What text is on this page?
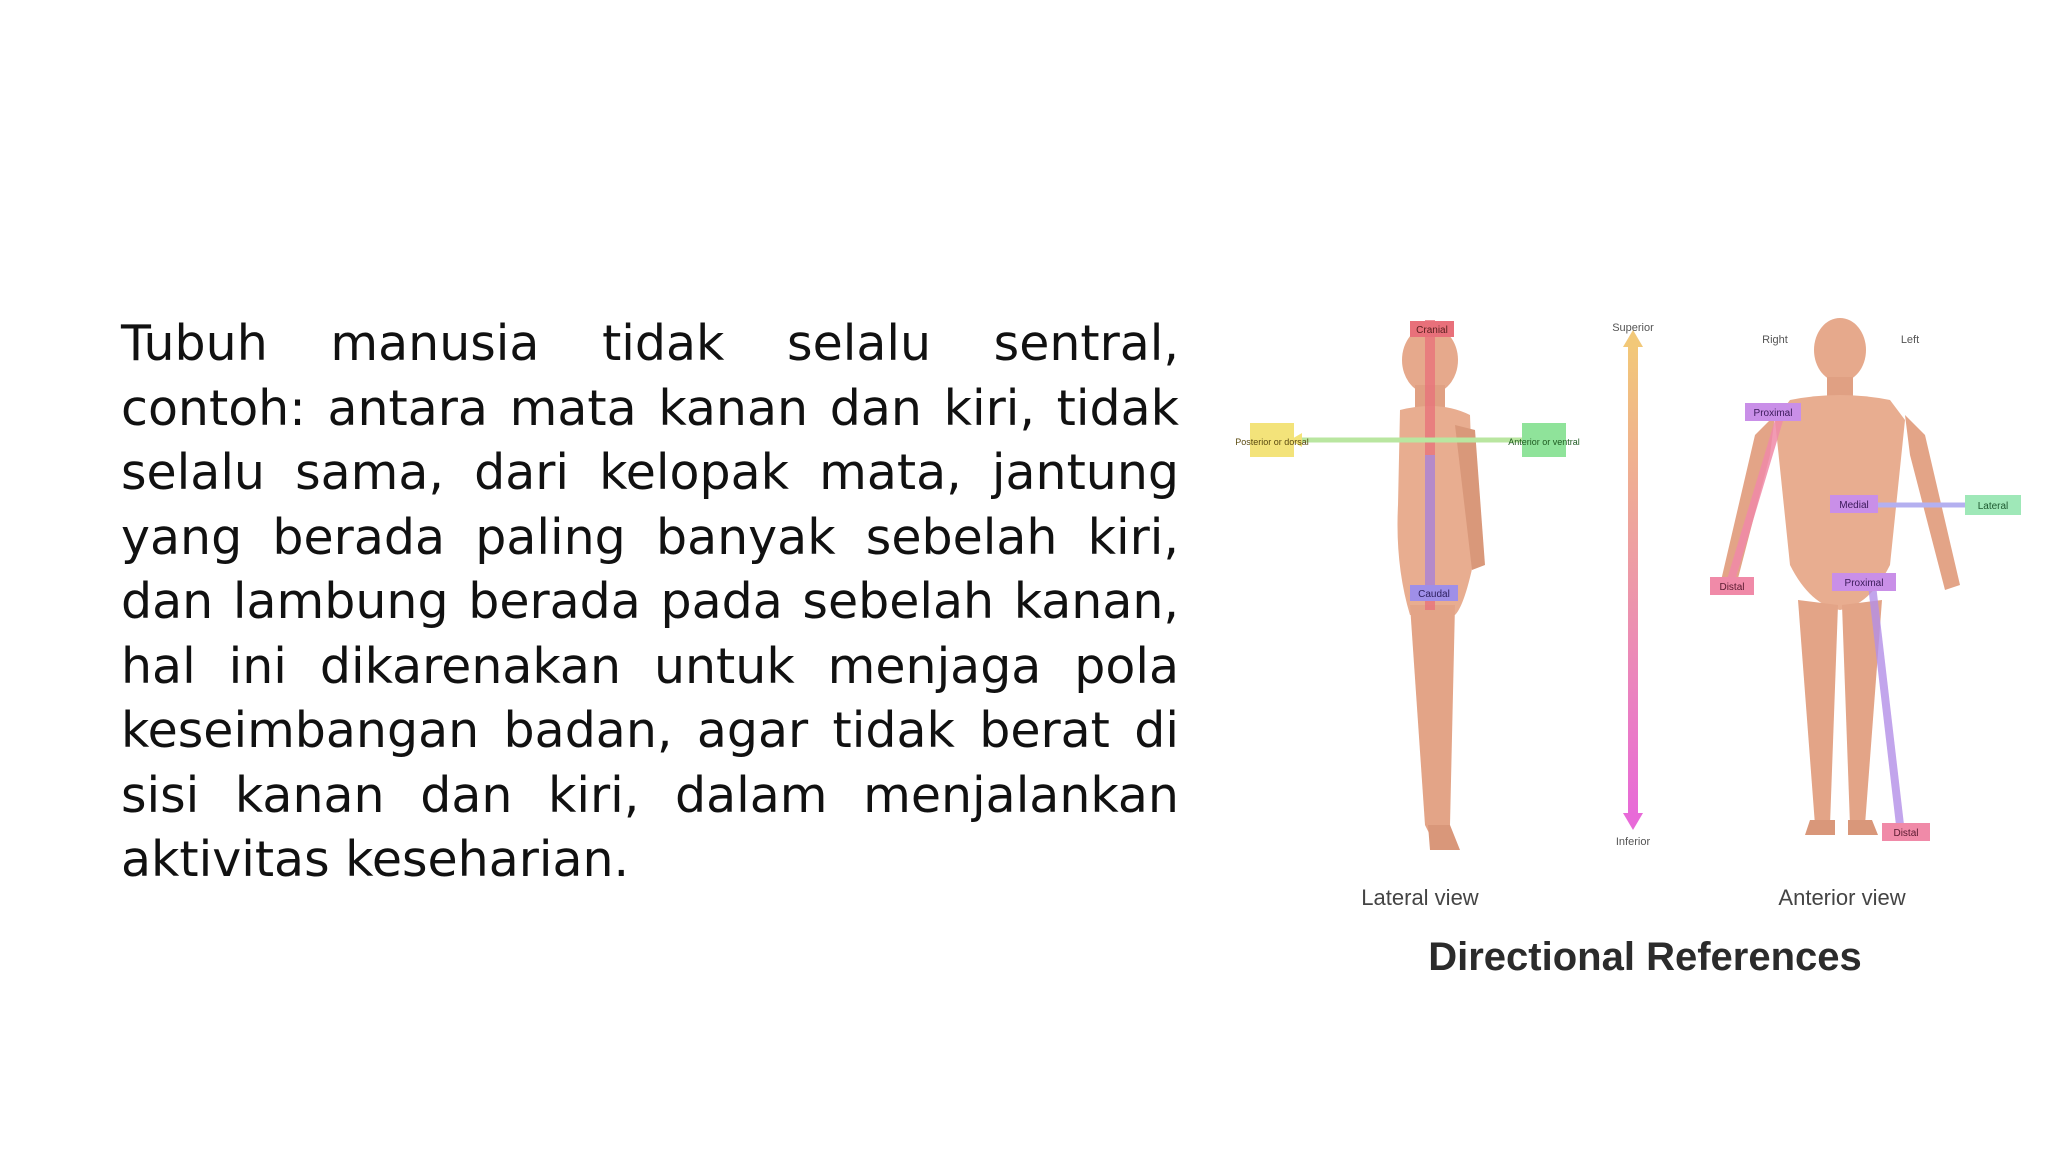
Tubuh manusia tidak selalu sentral, contoh: antara mata kanan dan kiri, tidak selalu sama, dari kelopak mata, jantung yang berada paling banyak sebelah kiri, dan lambung berada pada sebelah kanan, hal ini dikarenakan untuk menjaga pola keseimbangan badan, agar tidak berat di sisi kanan dan kiri, dalam menjalankan aktivitas keseharian.

Cranial
Caudal
Posterior or dorsal	Anterior or ventral
Superior
Inferior
Right	Left
Proximal
Distal
Medial	Lateral
Proximal
Distal
Lateral view	Anterior view

Directional References
